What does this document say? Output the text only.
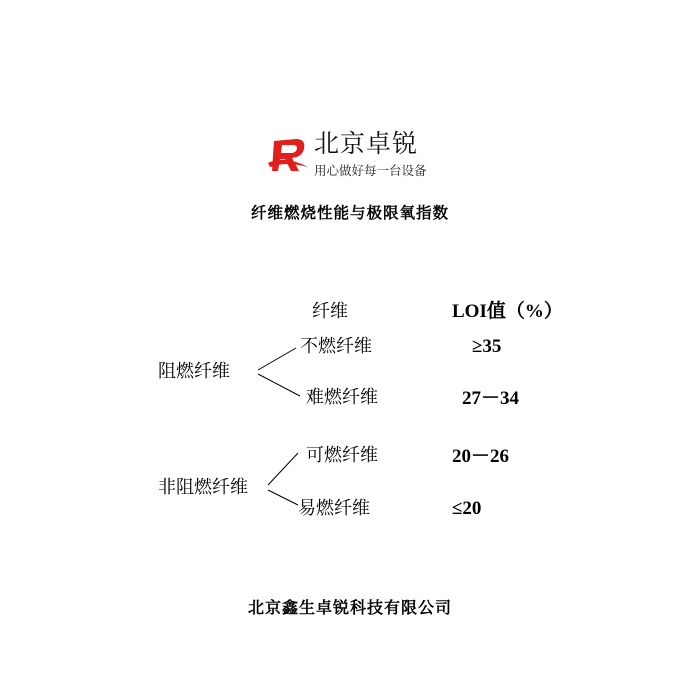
北京卓锐
用心做好每一台设备
纤维燃烧性能与极限氧指数
纤维	LOI值（%）
阻燃纤维
非阻燃纤维
不燃纤维
难燃纤维
可燃纤维
易燃纤维
≥35
27－34
20－26
≤20
北京鑫生卓锐科技有限公司
